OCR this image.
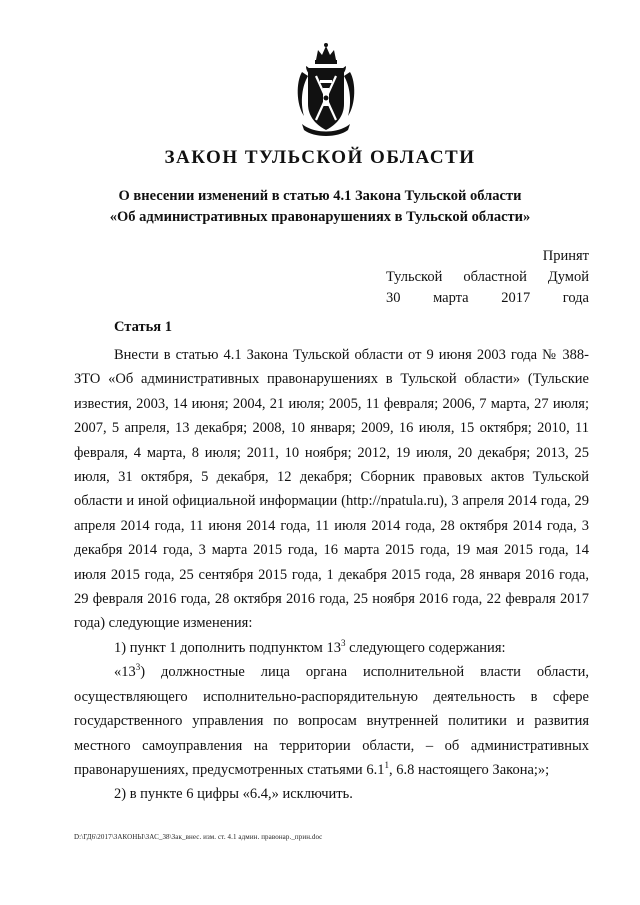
ЗАКОН ТУЛЬСКОЙ ОБЛАСТИ
О внесении изменений в статью 4.1 Закона Тульской области
«Об административных правонарушениях в Тульской области»
Принят
Тульской областной Думой
30 марта 2017 года
Статья 1

Внести в статью 4.1 Закона Тульской области от 9 июня 2003 года № 388-ЗТО «Об административных правонарушениях в Тульской области» (Тульские известия, 2003, 14 июня; 2004, 21 июля; 2005, 11 февраля; 2006, 7 марта, 27 июля; 2007, 5 апреля, 13 декабря; 2008, 10 января; 2009, 16 июля, 15 октября; 2010, 11 февраля, 4 марта, 8 июля; 2011, 10 ноября; 2012, 19 июля, 20 декабря; 2013, 25 июля, 31 октября, 5 декабря, 12 декабря; Сборник правовых актов Тульской области и иной официальной информации (http://npatula.ru), 3 апреля 2014 года, 29 апреля 2014 года, 11 июня 2014 года, 11 июля 2014 года, 28 октября 2014 года, 3 декабря 2014 года, 3 марта 2015 года, 16 марта 2015 года, 19 мая 2015 года, 14 июля 2015 года, 25 сентября 2015 года, 1 декабря 2015 года, 28 января 2016 года, 29 февраля 2016 года, 28 октября 2016 года, 25 ноября 2016 года, 22 февраля 2017 года) следующие изменения:

1) пункт 1 дополнить подпунктом $13^3$ следующего содержания:

«$13^3$) должностные лица органа исполнительной власти области, осуществляющего исполнительно-распорядительную деятельность в сфере государственного управления по вопросам внутренней политики и развития местного самоуправления на территории области, – об административных правонарушениях, предусмотренных статьями $6.1^1$, 6.8 настоящего Закона;»;

2) в пункте 6 цифры «6.4,» исключить.

D:\ГД6\2017\ЗАКОНЫ\ЗАС_38\Зак_внес. изм. ст. 4.1 админ. правонар._прин.doc
